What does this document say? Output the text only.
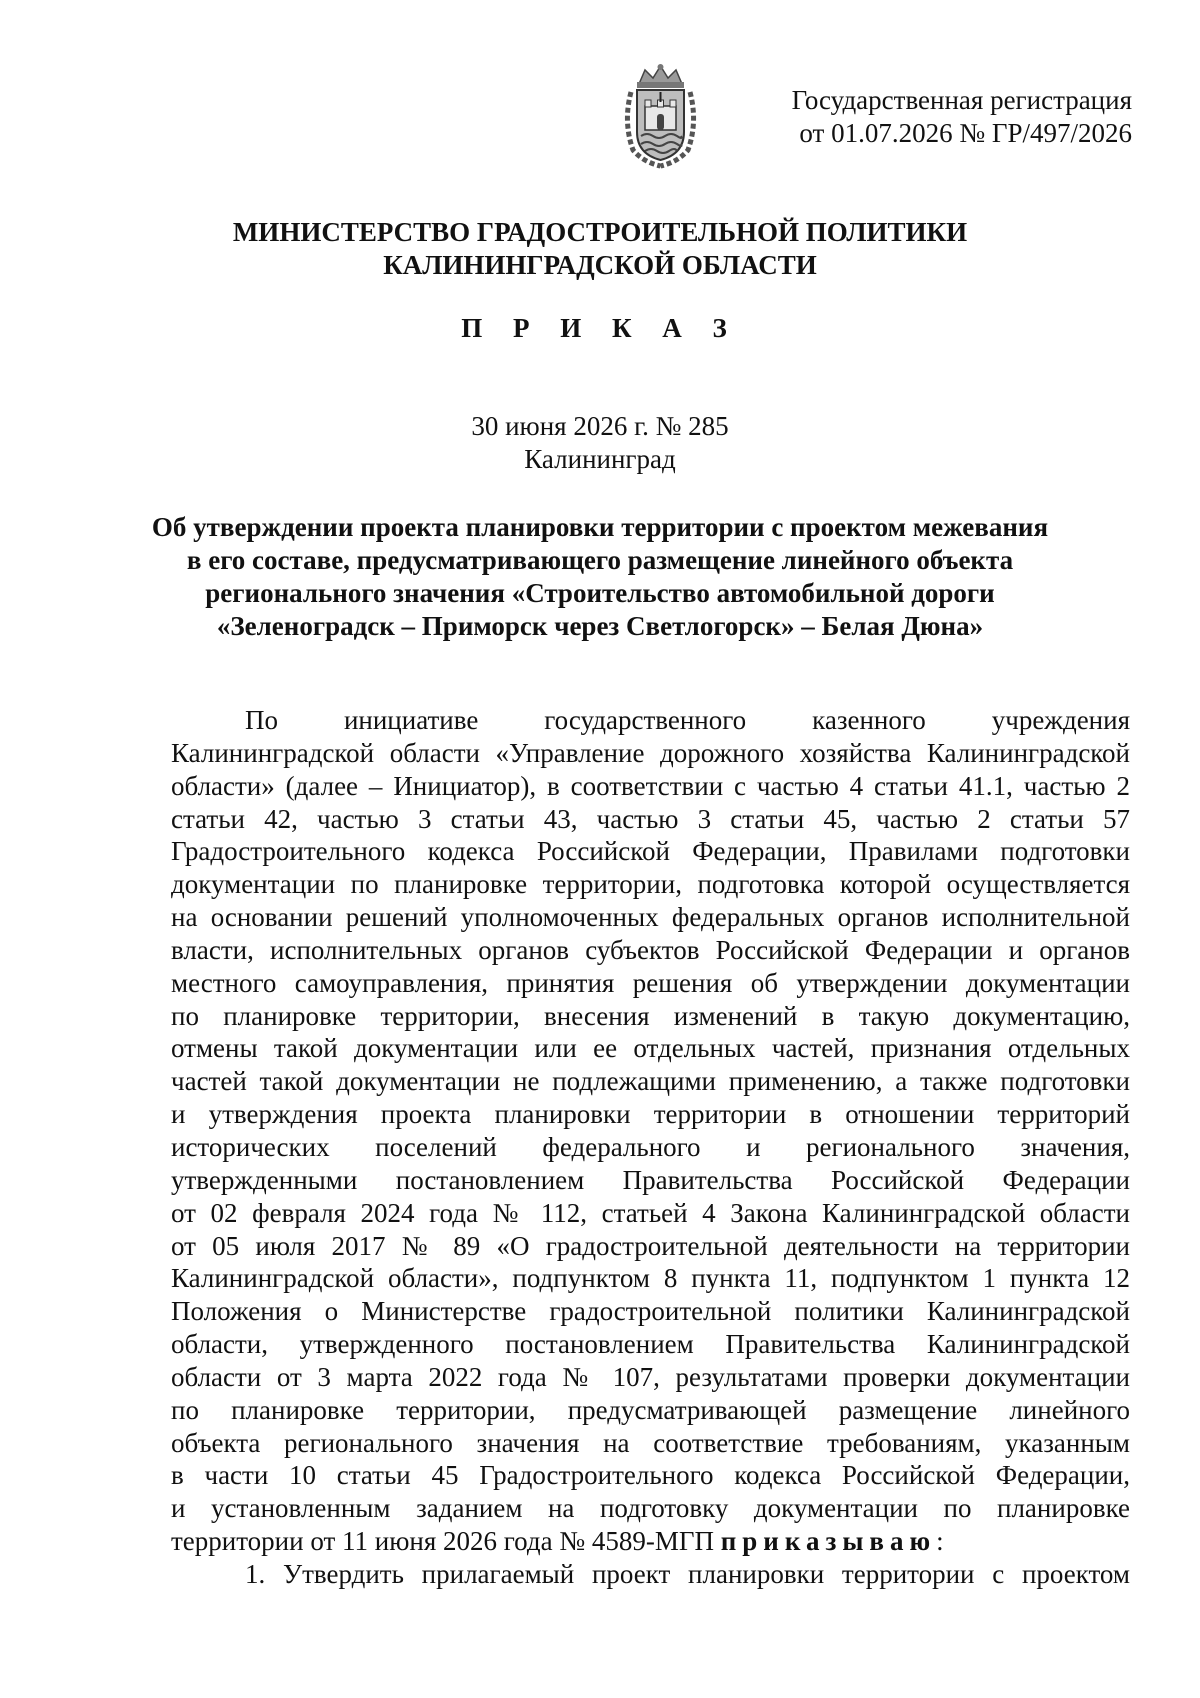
Государственная регистрация
от 01.07.2026 № ГР/497/2026
МИНИСТЕРСТВО ГРАДОСТРОИТЕЛЬНОЙ ПОЛИТИКИ
КАЛИНИНГРАДСКОЙ ОБЛАСТИ
П Р И К А З
30 июня 2026 г. № 285
Калининград
Об утверждении проекта планировки территории с проектом межевания
в его составе, предусматривающего размещение линейного объекта
регионального значения «Строительство автомобильной дороги
«Зеленоградск – Приморск через Светлогорск» – Белая Дюна»
По инициативе государственного казенного учреждения
Калининградской области «Управление дорожного хозяйства Калининградской
области» (далее – Инициатор), в соответствии с частью 4 статьи 41.1, частью 2
статьи 42, частью 3 статьи 43, частью 3 статьи 45, частью 2 статьи 57
Градостроительного кодекса Российской Федерации, Правилами подготовки
документации по планировке территории, подготовка которой осуществляется
на основании решений уполномоченных федеральных органов исполнительной
власти, исполнительных органов субъектов Российской Федерации и органов
местного самоуправления, принятия решения об утверждении документации
по планировке территории, внесения изменений в такую документацию,
отмены такой документации или ее отдельных частей, признания отдельных
частей такой документации не подлежащими применению, а также подготовки
и утверждения проекта планировки территории в отношении территорий
исторических поселений федерального и регионального значения,
утвержденными постановлением Правительства Российской Федерации
от 02 февраля 2024 года № 112, статьей 4 Закона Калининградской области
от 05 июля 2017 № 89 «О градостроительной деятельности на территории
Калининградской области», подпунктом 8 пункта 11, подпунктом 1 пункта 12
Положения о Министерстве градостроительной политики Калининградской
области, утвержденного постановлением Правительства Калининградской
области от 3 марта 2022 года № 107, результатами проверки документации
по планировке территории, предусматривающей размещение линейного
объекта регионального значения на соответствие требованиям, указанным
в части 10 статьи 45 Градостроительного кодекса Российской Федерации,
и установленным заданием на подготовку документации по планировке
территории от 11 июня 2026 года № 4589-МГП приказываю:
1. Утвердить прилагаемый проект планировки территории с проектом
